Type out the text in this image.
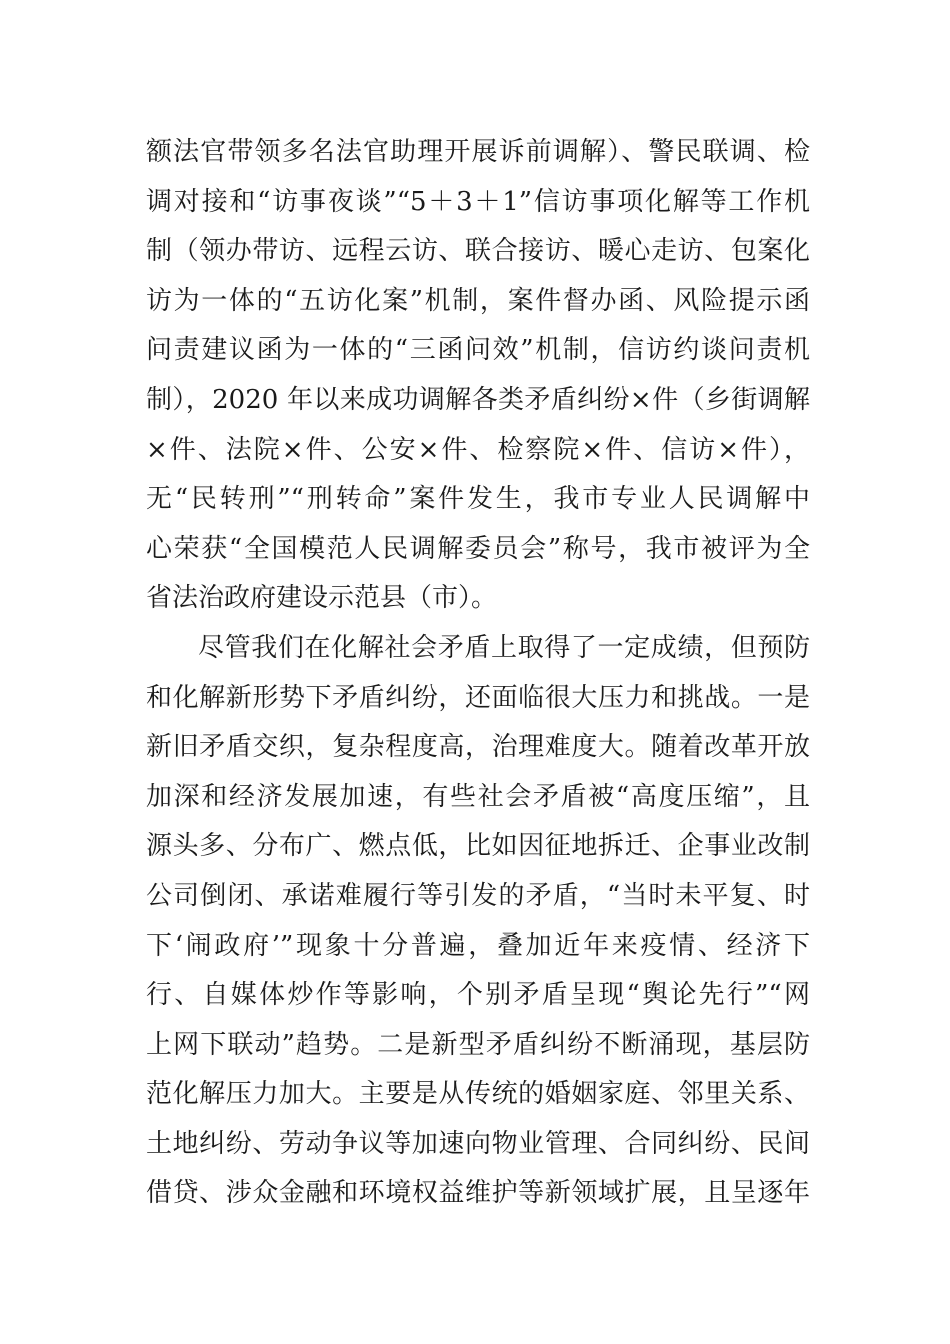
额法官带领多名法官助理开展诉前调解）、警民联调、检
调对接和“访事夜谈”“5＋3＋1”信访事项化解等工作机
制（领办带访、远程云访、联合接访、暖心走访、包案化
访为一体的“五访化案”机制，案件督办函、风险提示函
问责建议函为一体的“三函问效”机制，信访约谈问责机
制），2020 年以来成功调解各类矛盾纠纷×件（乡街调解
×件、法院×件、公安×件、检察院×件、信访×件），
无“民转刑”“刑转命”案件发生，我市专业人民调解中
心荣获“全国模范人民调解委员会”称号，我市被评为全
省法治政府建设示范县（市）。
尽管我们在化解社会矛盾上取得了一定成绩，但预防
和化解新形势下矛盾纠纷，还面临很大压力和挑战。一是
新旧矛盾交织，复杂程度高，治理难度大。随着改革开放
加深和经济发展加速，有些社会矛盾被“高度压缩”，且
源头多、分布广、燃点低，比如因征地拆迁、企事业改制
公司倒闭、承诺难履行等引发的矛盾，“当时未平复、时
下‘闹政府’”现象十分普遍，叠加近年来疫情、经济下
行、自媒体炒作等影响，个别矛盾呈现“舆论先行”“网
上网下联动”趋势。二是新型矛盾纠纷不断涌现，基层防
范化解压力加大。主要是从传统的婚姻家庭、邻里关系、
土地纠纷、劳动争议等加速向物业管理、合同纠纷、民间
借贷、涉众金融和环境权益维护等新领域扩展，且呈逐年
